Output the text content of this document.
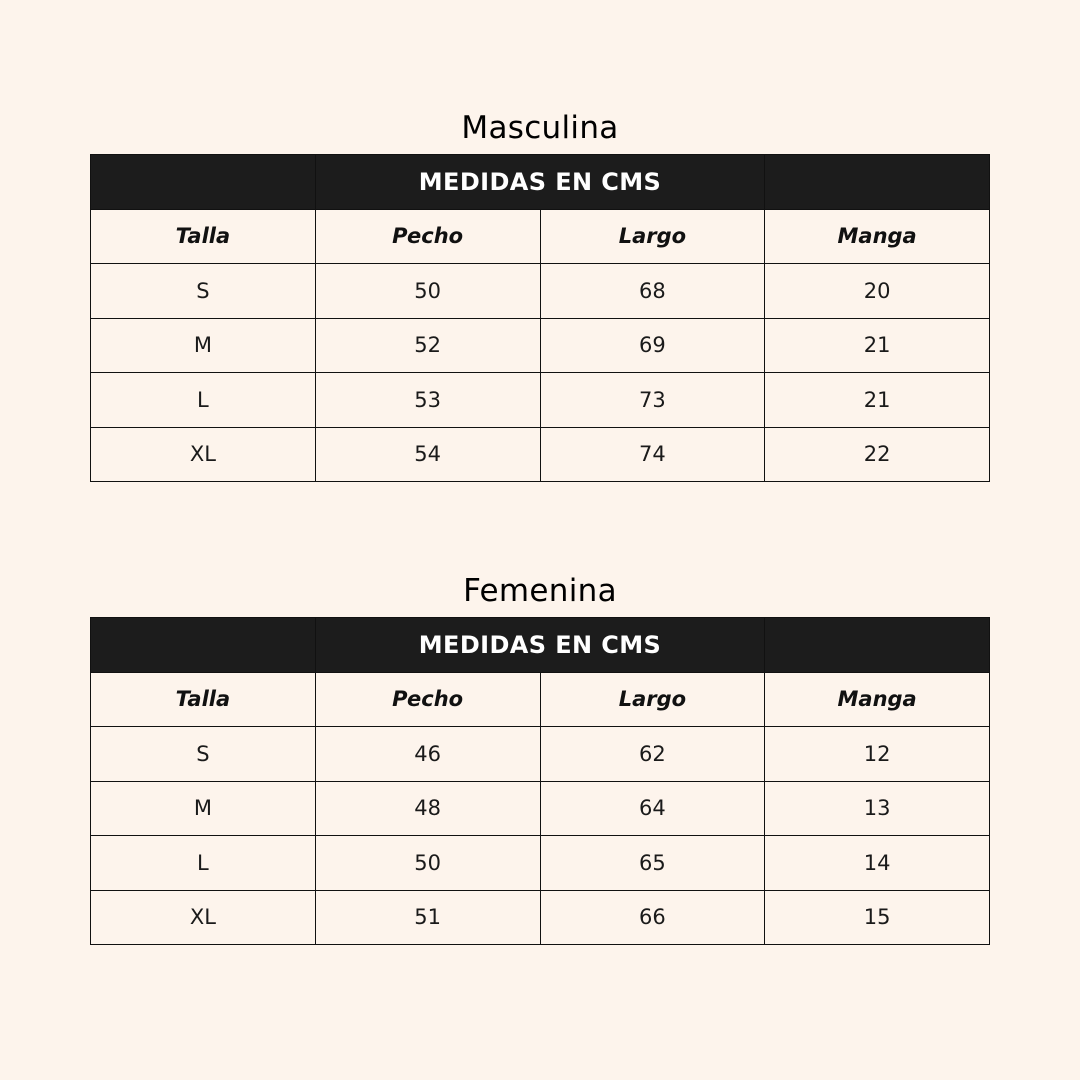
Masculina
	MEDIDAS EN CMS		
Talla	Pecho	Largo	Manga
S	50	68	20
M	52	69	21
L	53	73	21
XL	54	74	22
Femenina
	MEDIDAS EN CMS		
Talla	Pecho	Largo	Manga
S	46	62	12
M	48	64	13
L	50	65	14
XL	51	66	15
